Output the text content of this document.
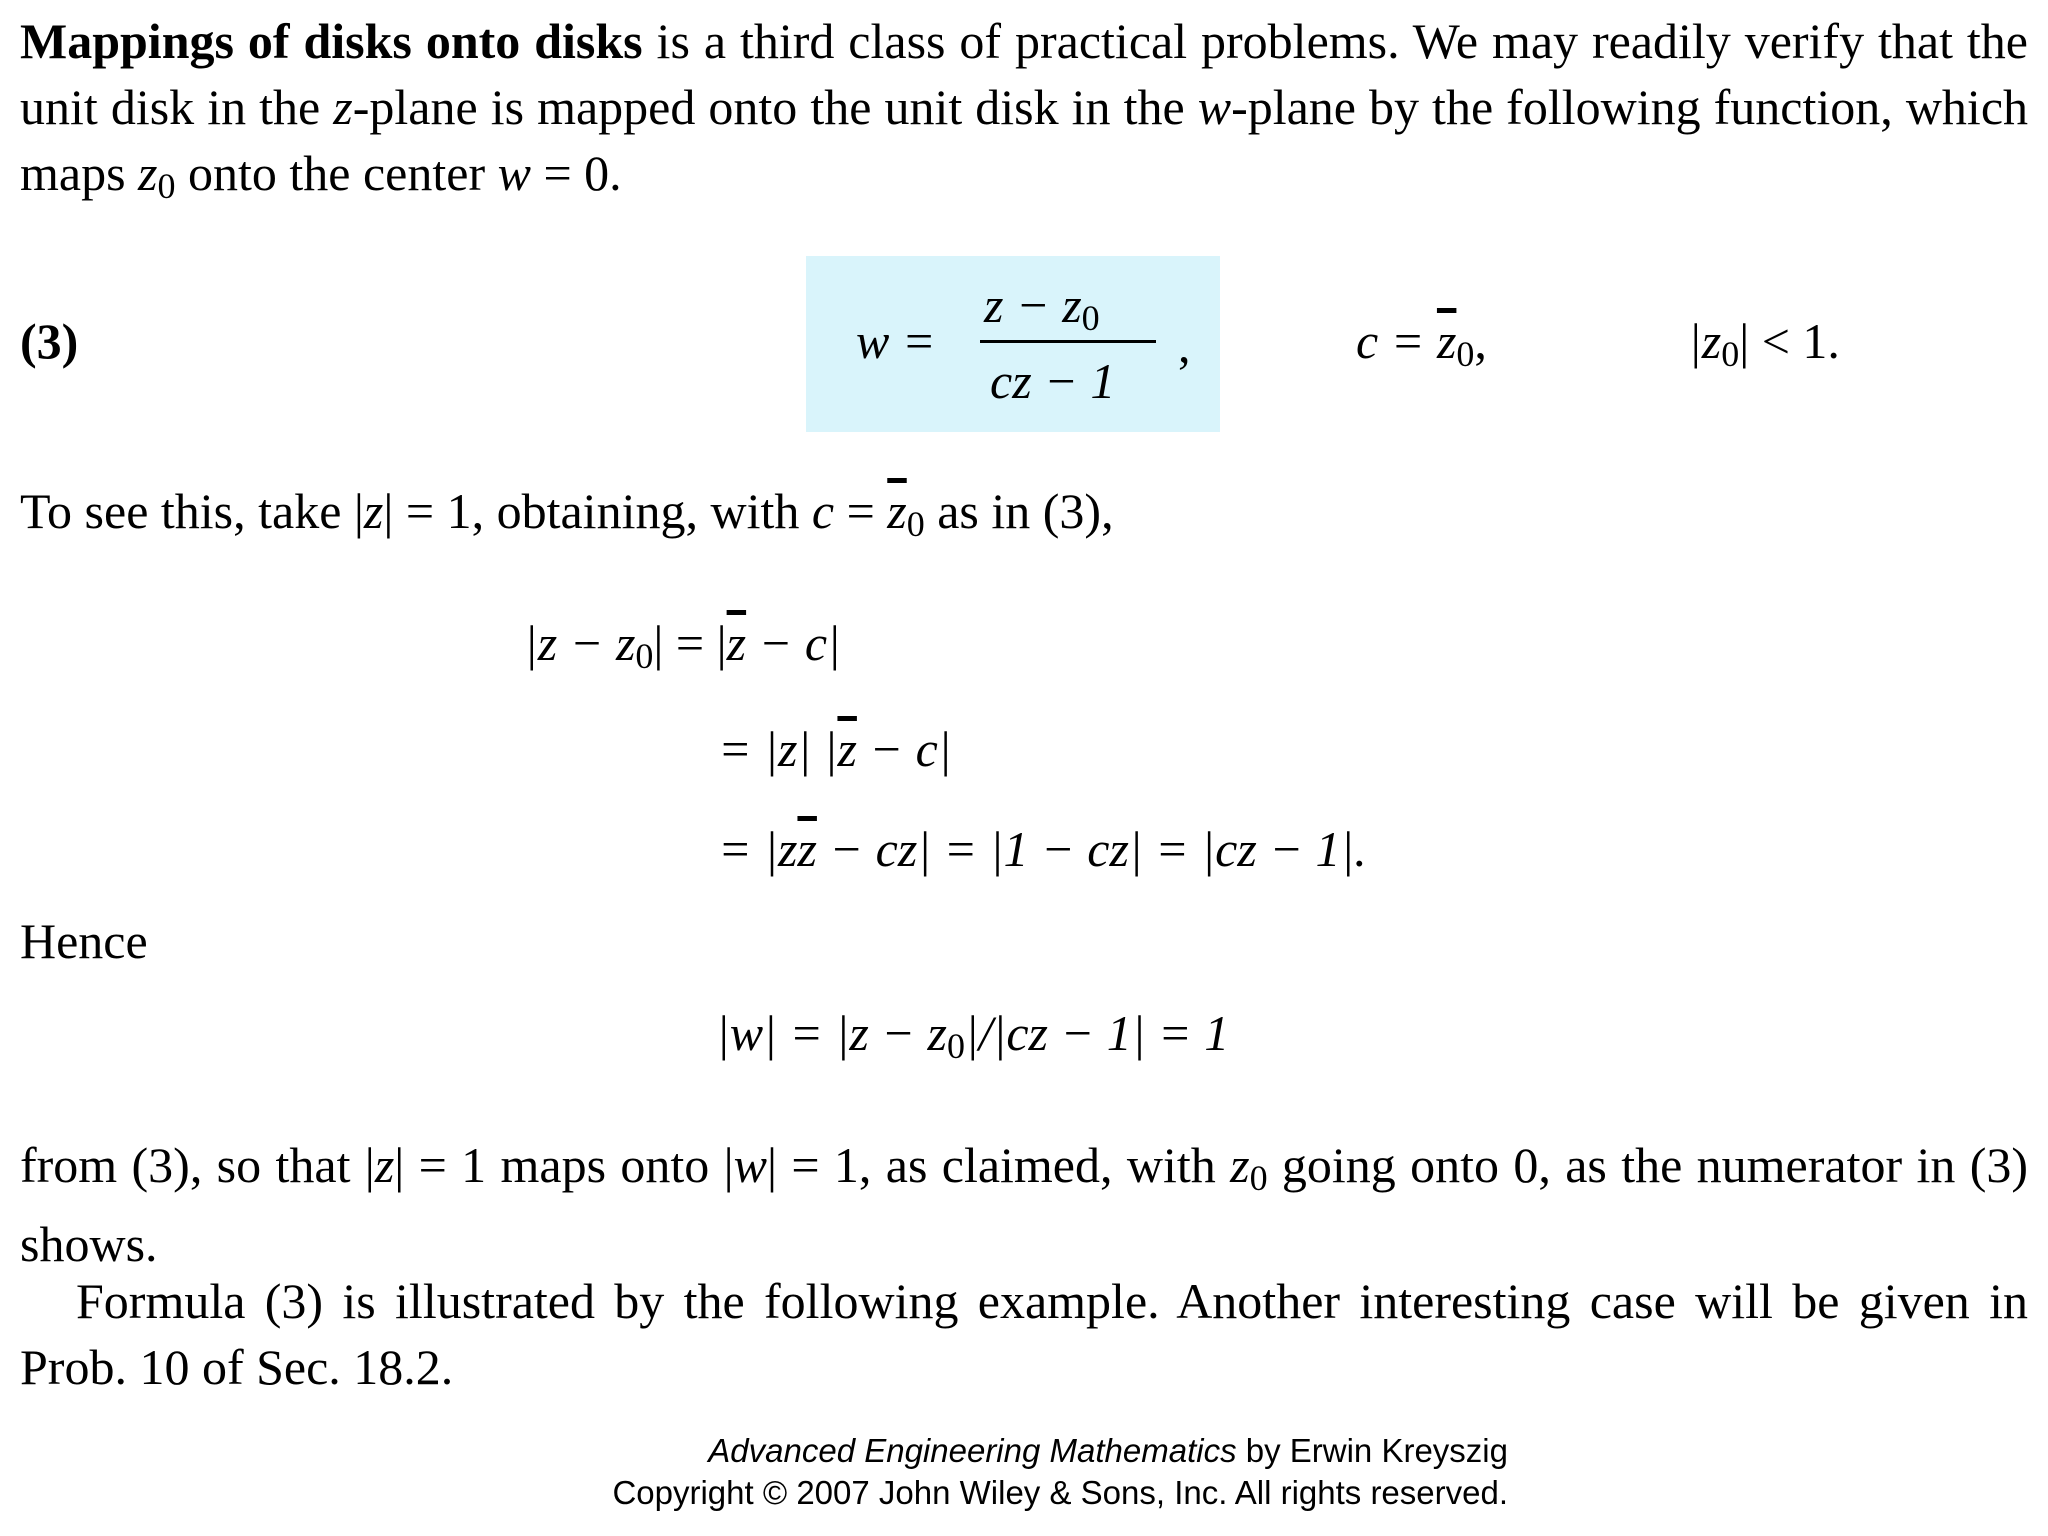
Mappings of disks onto disks is a third class of practical problems. We may readily verify that the unit disk in the z-plane is mapped onto the unit disk in the w-plane by the following function, which maps $z_0$ onto the center w = 0.
(3)	w =
$z - z_0$
cz − 1
,	$c = \overline{z}_0$,	$|z_0| < 1$.
To see this, take |z| = 1, obtaining, with $c = \overline{z}_0$ as in (3),
$|z - z_0| = |\overline{z} - c|$
= |z| $|\overline{z} - c|$
= $|z\overline{z} - cz| = |1 - cz| = |cz - 1|$.
Hence
$|w| = |z - z_0|/|cz - 1| = 1$
from (3), so that |z| = 1 maps onto |w| = 1, as claimed, with $z_0$ going onto 0, as the numerator in (3) shows.
Formula (3) is illustrated by the following example. Another interesting case will be given in Prob. 10 of Sec. 18.2.
Advanced Engineering Mathematics by Erwin Kreyszig
Copyright © 2007 John Wiley & Sons, Inc. All rights reserved.
